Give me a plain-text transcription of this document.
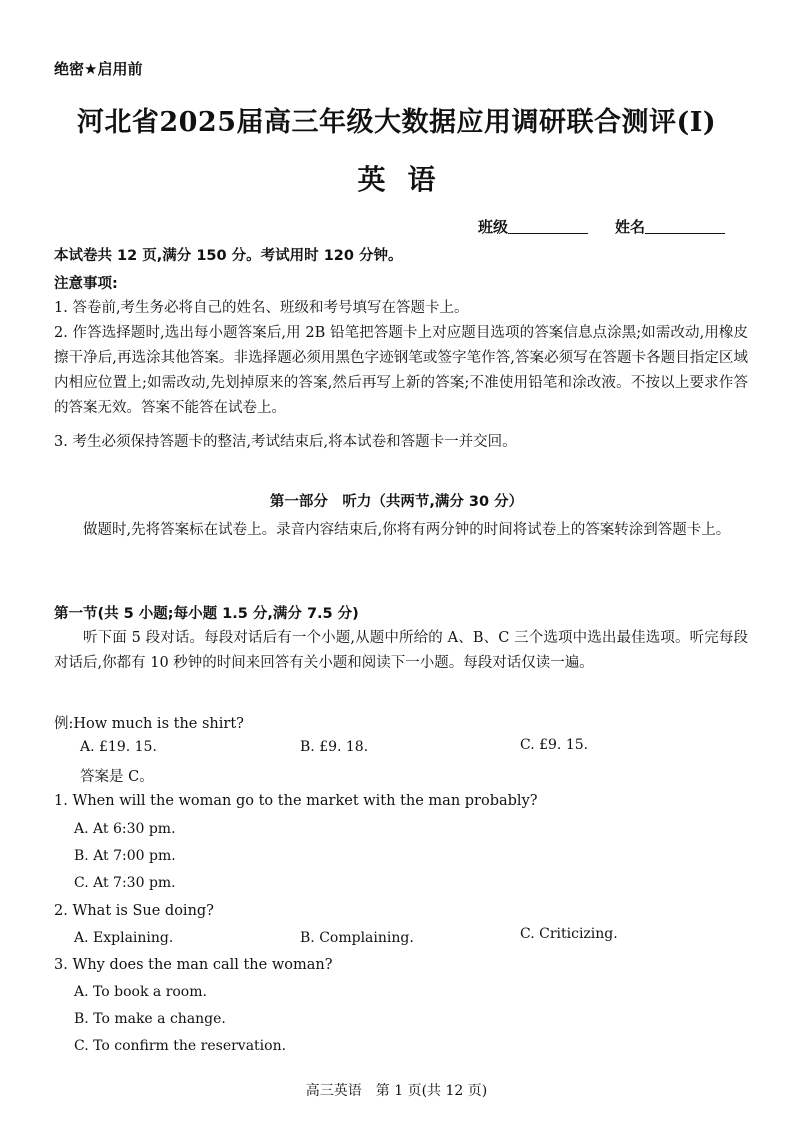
绝密★启用前
河北省2025届高三年级大数据应用调研联合测评(Ⅰ)
英语
班级	姓名
本试卷共 12 页,满分 150 分。考试用时 120 分钟。
注意事项:
1. 答卷前,考生务必将自己的姓名、班级和考号填写在答题卡上。
2. 作答选择题时,选出每小题答案后,用 2B 铅笔把答题卡上对应题目选项的答案信息点涂黑;如需改动,用橡皮擦干净后,再选涂其他答案。非选择题必须用黑色字迹钢笔或签字笔作答,答案必须写在答题卡各题目指定区域内相应位置上;如需改动,先划掉原来的答案,然后再写上新的答案;不准使用铅笔和涂改液。不按以上要求作答的答案无效。答案不能答在试卷上。
3. 考生必须保持答题卡的整洁,考试结束后,将本试卷和答题卡一并交回。
第一部分　听力（共两节,满分 30 分）
做题时,先将答案标在试卷上。录音内容结束后,你将有两分钟的时间将试卷上的答案转涂到答题卡上。
第一节(共 5 小题;每小题 1.5 分,满分 7.5 分)
听下面 5 段对话。每段对话后有一个小题,从题中所给的 A、B、C 三个选项中选出最佳选项。听完每段对话后,你都有 10 秒钟的时间来回答有关小题和阅读下一小题。每段对话仅读一遍。
例:How much is the shirt?
A. £19. 15.	B. £9. 18.	C. £9. 15.
答案是 C。
1. When will the woman go to the market with the man probably?
A. At 6:30 pm.
B. At 7:00 pm.
C. At 7:30 pm.
2. What is Sue doing?
A. Explaining.	B. Complaining.	C. Criticizing.
3. Why does the man call the woman?
A. To book a room.
B. To make a change.
C. To confirm the reservation.
高三英语　第 1 页(共 12 页)
